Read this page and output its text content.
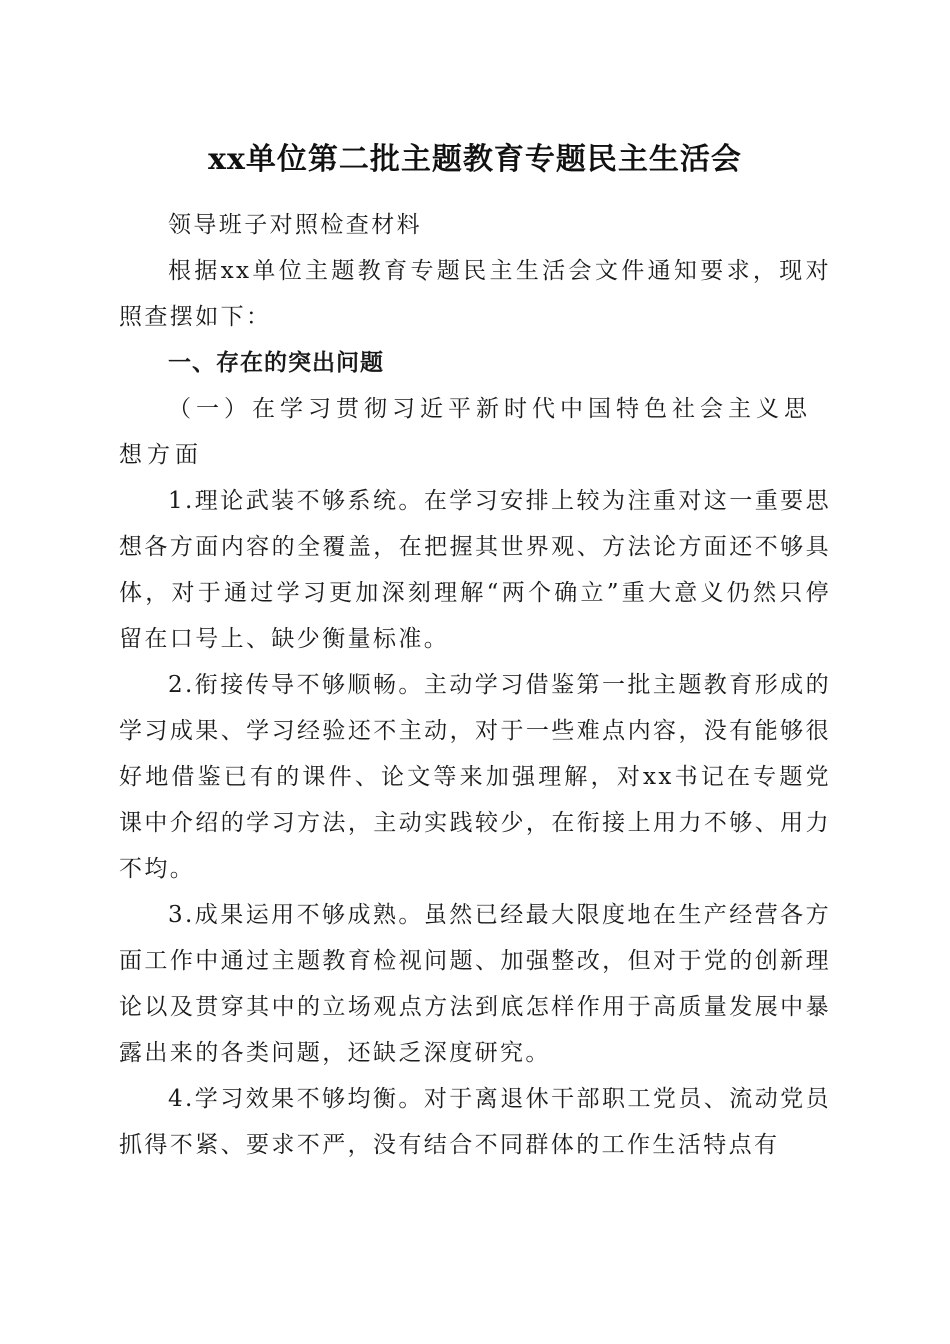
xx单位第二批主题教育专题民主生活会

领导班子对照检查材料

根据xx单位主题教育专题民主生活会文件通知要求，现对照查摆如下：

一、存在的突出问题

（一）在学习贯彻习近平新时代中国特色社会主义思想方面

1.理论武装不够系统。在学习安排上较为注重对这一重要思想各方面内容的全覆盖，在把握其世界观、方法论方面还不够具体，对于通过学习更加深刻理解“两个确立”重大意义仍然只停留在口号上、缺少衡量标准。

2.衔接传导不够顺畅。主动学习借鉴第一批主题教育形成的学习成果、学习经验还不主动，对于一些难点内容，没有能够很好地借鉴已有的课件、论文等来加强理解，对xx书记在专题党课中介绍的学习方法，主动实践较少，在衔接上用力不够、用力不均。

3.成果运用不够成熟。虽然已经最大限度地在生产经营各方面工作中通过主题教育检视问题、加强整改，但对于党的创新理论以及贯穿其中的立场观点方法到底怎样作用于高质量发展中暴露出来的各类问题，还缺乏深度研究。

4.学习效果不够均衡。对于离退休干部职工党员、流动党员抓得不紧、要求不严，没有结合不同群体的工作生活特点有
